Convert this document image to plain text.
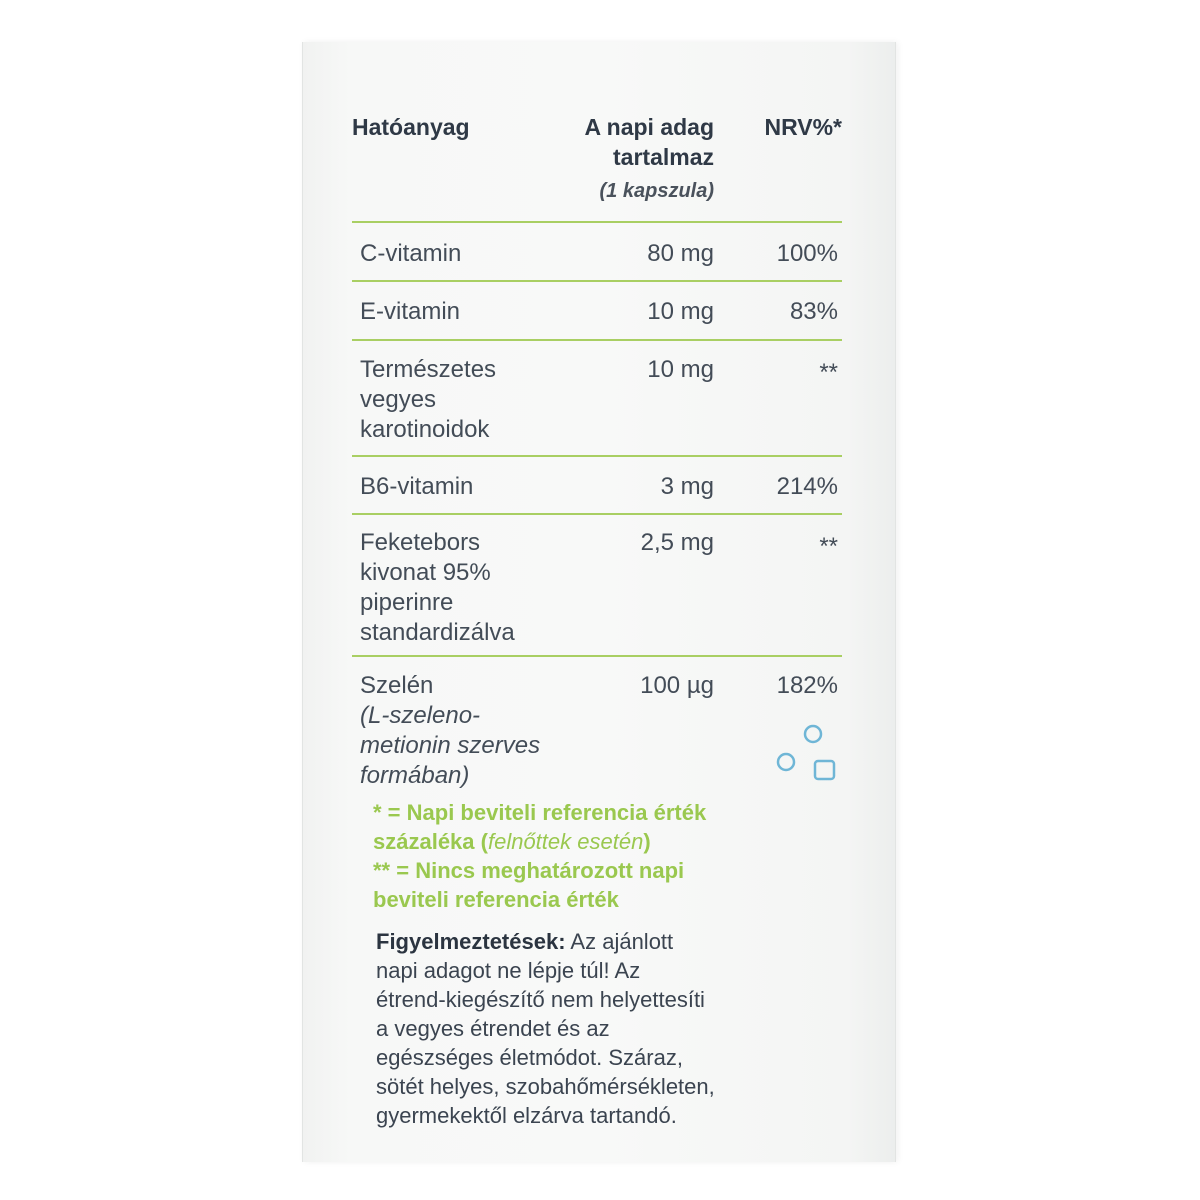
Hatóanyag	A napi adag
tartalmaz
(1 kapszula)
NRV%*
C-vitamin	80 mg	100%
E-vitamin	10 mg	83%
Természetes
vegyes
karotinoidok
10 mg	**
B6-vitamin	3 mg	214%
Feketebors
kivonat 95%
piperinre
standardizálva
2,5 mg	**
Szelén
(L-szeleno-
metionin szerves
formában)
100 µg	182%
* = Napi beviteli referencia érték
százaléka (felnőttek esetén)
** = Nincs meghatározott napi
beviteli referencia érték
Figyelmeztetések: Az ajánlott
napi adagot ne lépje túl! Az
étrend-kiegészítő nem helyettesíti
a vegyes étrendet és az
egészséges életmódot. Száraz,
sötét helyes, szobahőmérsékleten,
gyermekektől elzárva tartandó.
